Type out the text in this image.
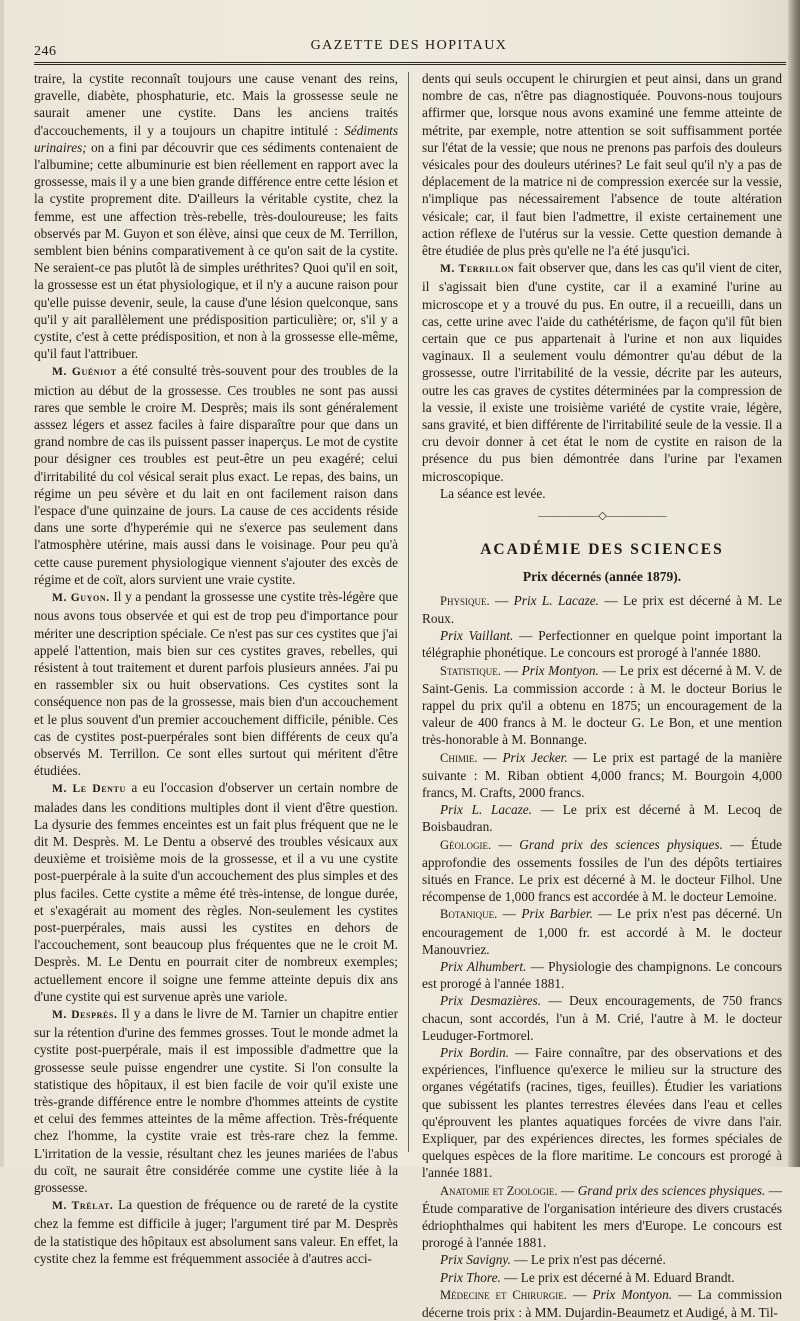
246	GAZETTE DES HOPITAUX

traire, la cystite reconnaît toujours une cause venant des reins, gravelle, diabète, phosphaturie, etc. Mais la grossesse seule ne saurait amener une cystite. Dans les anciens traités d'accouchements, il y a toujours un chapitre intitulé : Sédiments urinaires; on a fini par découvrir que ces sédiments contenaient de l'albumine; cette albuminurie est bien réellement en rapport avec la grossesse, mais il y a une bien grande différence entre cette lésion et la cystite proprement dite. D'ailleurs la véritable cystite, chez la femme, est une affection très-rebelle, très-douloureuse; les faits observés par M. Guyon et son élève, ainsi que ceux de M. Terrillon, semblent bien bénins comparativement à ce qu'on sait de la cystite. Ne seraient-ce pas plutôt là de simples uréthrites? Quoi qu'il en soit, la grossesse est un état physiologique, et il n'y a aucune raison pour qu'elle puisse devenir, seule, la cause d'une lésion quelconque, sans qu'il y ait parallèlement une prédisposition particulière; or, s'il y a cystite, c'est à cette prédisposition, et non à la grossesse elle-même, qu'il faut l'attribuer.

M. Guéniot a été consulté très-souvent pour des troubles de la miction au début de la grossesse. Ces troubles ne sont pas aussi rares que semble le croire M. Desprès; mais ils sont généralement asssez légers et assez faciles à faire disparaître pour que dans un grand nombre de cas ils puissent passer inaperçus. Le mot de cystite pour désigner ces troubles est peut-être un peu exagéré; celui d'irritabilité du col vésical serait plus exact. Le repas, des bains, un régime un peu sévère et du lait en ont facilement raison dans l'espace d'une quinzaine de jours. La cause de ces accidents réside dans une sorte d'hyperémie qui ne s'exerce pas seulement dans l'atmosphère utérine, mais aussi dans le voisinage. Pour peu qu'à cette cause purement physiologique viennent s'ajouter des excès de régime et de coït, alors survient une vraie cystite.

M. Guyon. Il y a pendant la grossesse une cystite très-légère que nous avons tous observée et qui est de trop peu d'importance pour mériter une description spéciale. Ce n'est pas sur ces cystites que j'ai appelé l'attention, mais bien sur ces cystites graves, rebelles, qui résistent à tout traitement et durent parfois plusieurs années. J'ai pu en rassembler six ou huit observations. Ces cystites sont la conséquence non pas de la grossesse, mais bien d'un accouchement et le plus souvent d'un premier accouchement difficile, pénible. Ces cas de cystites post-puerpérales sont bien différents de ceux qu'a observés M. Terrillon. Ce sont elles surtout qui méritent d'être étudiées.

M. Le Dentu a eu l'occasion d'observer un certain nombre de malades dans les conditions multiples dont il vient d'être question. La dysurie des femmes enceintes est un fait plus fréquent que ne le dit M. Desprès. M. Le Dentu a observé des troubles vésicaux aux deuxième et troisième mois de la grossesse, et il a vu une cystite post-puerpérale à la suite d'un accouchement des plus simples et des plus faciles. Cette cystite a même été très-intense, de longue durée, et s'exagérait au moment des règles. Non-seulement les cystites post-puerpérales, mais aussi les cystites en dehors de l'accouchement, sont beaucoup plus fréquentes que ne le croit M. Desprès. M. Le Dentu en pourrait citer de nombreux exemples; actuellement encore il soigne une femme atteinte depuis dix ans d'une cystite qui est survenue après une variole.

M. Desprès. Il y a dans le livre de M. Tarnier un chapitre entier sur la rétention d'urine des femmes grosses. Tout le monde admet la cystite post-puerpérale, mais il est impossible d'admettre que la grossesse seule puisse engendrer une cystite. Si l'on consulte la statistique des hôpitaux, il est bien facile de voir qu'il existe une très-grande différence entre le nombre d'hommes atteints de cystite et celui des femmes atteintes de la même affection. Très-fréquente chez l'homme, la cystite vraie est très-rare chez la femme. L'irritation de la vessie, résultant chez les jeunes mariées de l'abus du coït, ne saurait être considérée comme une cystite liée à la grossesse.

M. Trélat. La question de fréquence ou de rareté de la cystite chez la femme est difficile à juger; l'argument tiré par M. Desprès de la statistique des hôpitaux est absolument sans valeur. En effet, la cystite chez la femme est fréquemment associée à d'autres acci-

dents qui seuls occupent le chirurgien et peut ainsi, dans un grand nombre de cas, n'être pas diagnostiquée. Pouvons-nous toujours affirmer que, lorsque nous avons examiné une femme atteinte de métrite, par exemple, notre attention se soit suffisamment portée sur l'état de la vessie; que nous ne prenons pas parfois des douleurs vésicales pour des douleurs utérines? Le fait seul qu'il n'y a pas de déplacement de la matrice ni de compression exercée sur la vessie, n'implique pas nécessairement l'absence de toute altération vésicale; car, il faut bien l'admettre, il existe certainement une action réflexe de l'utérus sur la vessie. Cette question demande à être étudiée de plus près qu'elle ne l'a été jusqu'ici.

M. Terrillon fait observer que, dans les cas qu'il vient de citer, il s'agissait bien d'une cystite, car il a examiné l'urine au microscope et y a trouvé du pus. En outre, il a recueilli, dans un cas, cette urine avec l'aide du cathétérisme, de façon qu'il fût bien certain que ce pus appartenait à l'urine et non aux liquides vaginaux. Il a seulement voulu démontrer qu'au début de la grossesse, outre l'irritabilité de la vessie, décrite par les auteurs, outre les cas graves de cystites déterminées par la compression de la vessie, il existe une troisième variété de cystite vraie, légère, sans gravité, et bien différente de l'irritabilité seule de la vessie. Il a cru devoir donner à cet état le nom de cystite en raison de la présence du pus bien démontrée dans l'urine par l'examen microscopique.

La séance est levée.

——————◇——————
ACADÉMIE DES SCIENCES
Prix décernés (année 1879).

Physique. — Prix L. Lacaze. — Le prix est décerné à M. Le Roux.

Prix Vaillant. — Perfectionner en quelque point important la télégraphie phonétique. Le concours est prorogé à l'année 1880.

Statistique. — Prix Montyon. — Le prix est décerné à M. V. de Saint-Genis. La commission accorde : à M. le docteur Borius le rappel du prix qu'il a obtenu en 1875; un encouragement de la valeur de 400 francs à M. le docteur G. Le Bon, et une mention très-honorable à M. Bonnange.

Chimie. — Prix Jecker. — Le prix est partagé de la manière suivante : M. Riban obtient 4,000 francs; M. Bourgoin 4,000 francs, M. Crafts, 2000 francs.

Prix L. Lacaze. — Le prix est décerné à M. Lecoq de Boisbaudran.

Géologie. — Grand prix des sciences physiques. — Étude approfondie des ossements fossiles de l'un des dépôts tertiaires situés en France. Le prix est décerné à M. le docteur Filhol. Une récompense de 1,000 francs est accordée à M. le docteur Lemoine.

Botanique. — Prix Barbier. — Le prix n'est pas décerné. Un encouragement de 1,000 fr. est accordé à M. le docteur Manouvriez.

Prix Alhumbert. — Physiologie des champignons. Le concours est prorogé à l'année 1881.

Prix Desmazières. — Deux encouragements, de 750 francs chacun, sont accordés, l'un à M. Crié, l'autre à M. le docteur Leuduger-Fortmorel.

Prix Bordin. — Faire connaître, par des observations et des expériences, l'influence qu'exerce le milieu sur la structure des organes végétatifs (racines, tiges, feuilles). Étudier les variations que subissent les plantes terrestres élevées dans l'eau et celles qu'éprouvent les plantes aquatiques forcées de vivre dans l'air. Expliquer, par des expériences directes, les formes spéciales de quelques espèces de la flore maritime. Le concours est prorogé à l'année 1881.

Anatomie et Zoologie. — Grand prix des sciences physiques. — Étude comparative de l'organisation intérieure des divers crustacés édriophthalmes qui habitent les mers d'Europe. Le concours est prorogé à l'année 1881.

Prix Savigny. — Le prix n'est pas décerné.

Prix Thore. — Le prix est décerné à M. Eduard Brandt.

Médecine et Chirurgie. — Prix Montyon. — La commission décerne trois prix : à MM. Dujardin-Beaumetz et Audigé, à M. Til-
